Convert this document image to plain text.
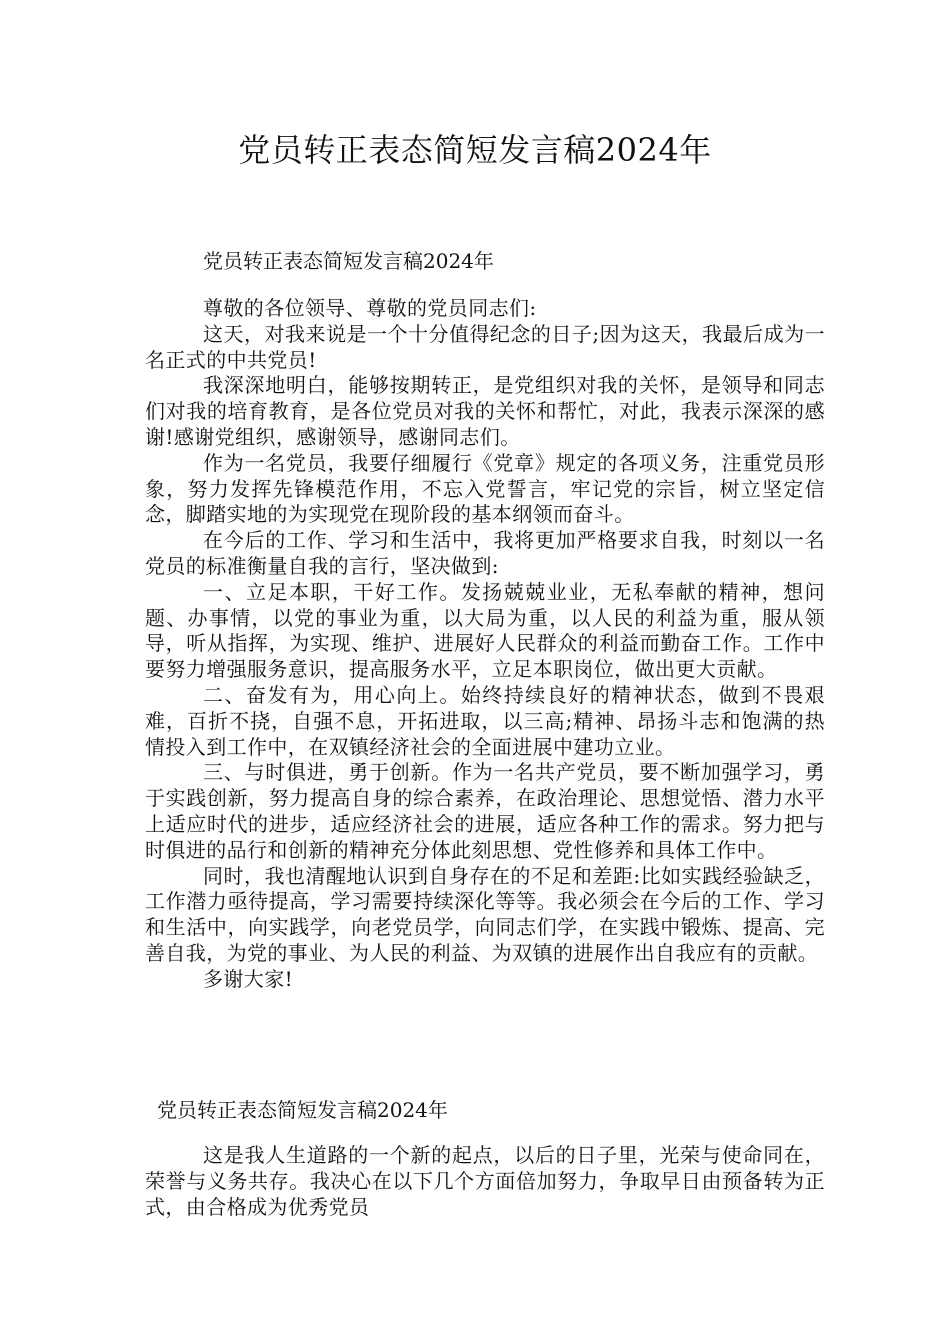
党员转正表态简短发言稿2024年

党员转正表态简短发言稿2024年

尊敬的各位领导、尊敬的党员同志们:

这天，对我来说是一个十分值得纪念的日子;因为这天，我最后成为一名正式的中共党员!

我深深地明白，能够按期转正，是党组织对我的关怀，是领导和同志们对我的培育教育，是各位党员对我的关怀和帮忙，对此，我表示深深的感谢!感谢党组织，感谢领导，感谢同志们。

作为一名党员，我要仔细履行《党章》规定的各项义务，注重党员形象，努力发挥先锋模范作用，不忘入党誓言，牢记党的宗旨，树立坚定信念，脚踏实地的为实现党在现阶段的基本纲领而奋斗。

在今后的工作、学习和生活中，我将更加严格要求自我，时刻以一名党员的标准衡量自我的言行，坚决做到:

一、立足本职，干好工作。发扬兢兢业业，无私奉献的精神，想问题、办事情，以党的事业为重，以大局为重，以人民的利益为重，服从领导，听从指挥，为实现、维护、进展好人民群众的利益而勤奋工作。工作中要努力增强服务意识，提高服务水平，立足本职岗位，做出更大贡献。

二、奋发有为，用心向上。始终持续良好的精神状态，做到不畏艰难，百折不挠，自强不息，开拓进取，以三高;精神、昂扬斗志和饱满的热情投入到工作中，在双镇经济社会的全面进展中建功立业。

三、与时俱进，勇于创新。作为一名共产党员，要不断加强学习，勇于实践创新，努力提高自身的综合素养，在政治理论、思想觉悟、潜力水平上适应时代的进步，适应经济社会的进展，适应各种工作的需求。努力把与时俱进的品行和创新的精神充分体此刻思想、党性修养和具体工作中。

同时，我也清醒地认识到自身存在的不足和差距:比如实践经验缺乏，工作潜力亟待提高，学习需要持续深化等等。我必须会在今后的工作、学习和生活中，向实践学，向老党员学，向同志们学，在实践中锻炼、提高、完善自我，为党的事业、为人民的利益、为双镇的进展作出自我应有的贡献。

多谢大家!

党员转正表态简短发言稿2024年

这是我人生道路的一个新的起点，以后的日子里，光荣与使命同在，荣誉与义务共存。我决心在以下几个方面倍加努力，争取早日由预备转为正式，由合格成为优秀党员
